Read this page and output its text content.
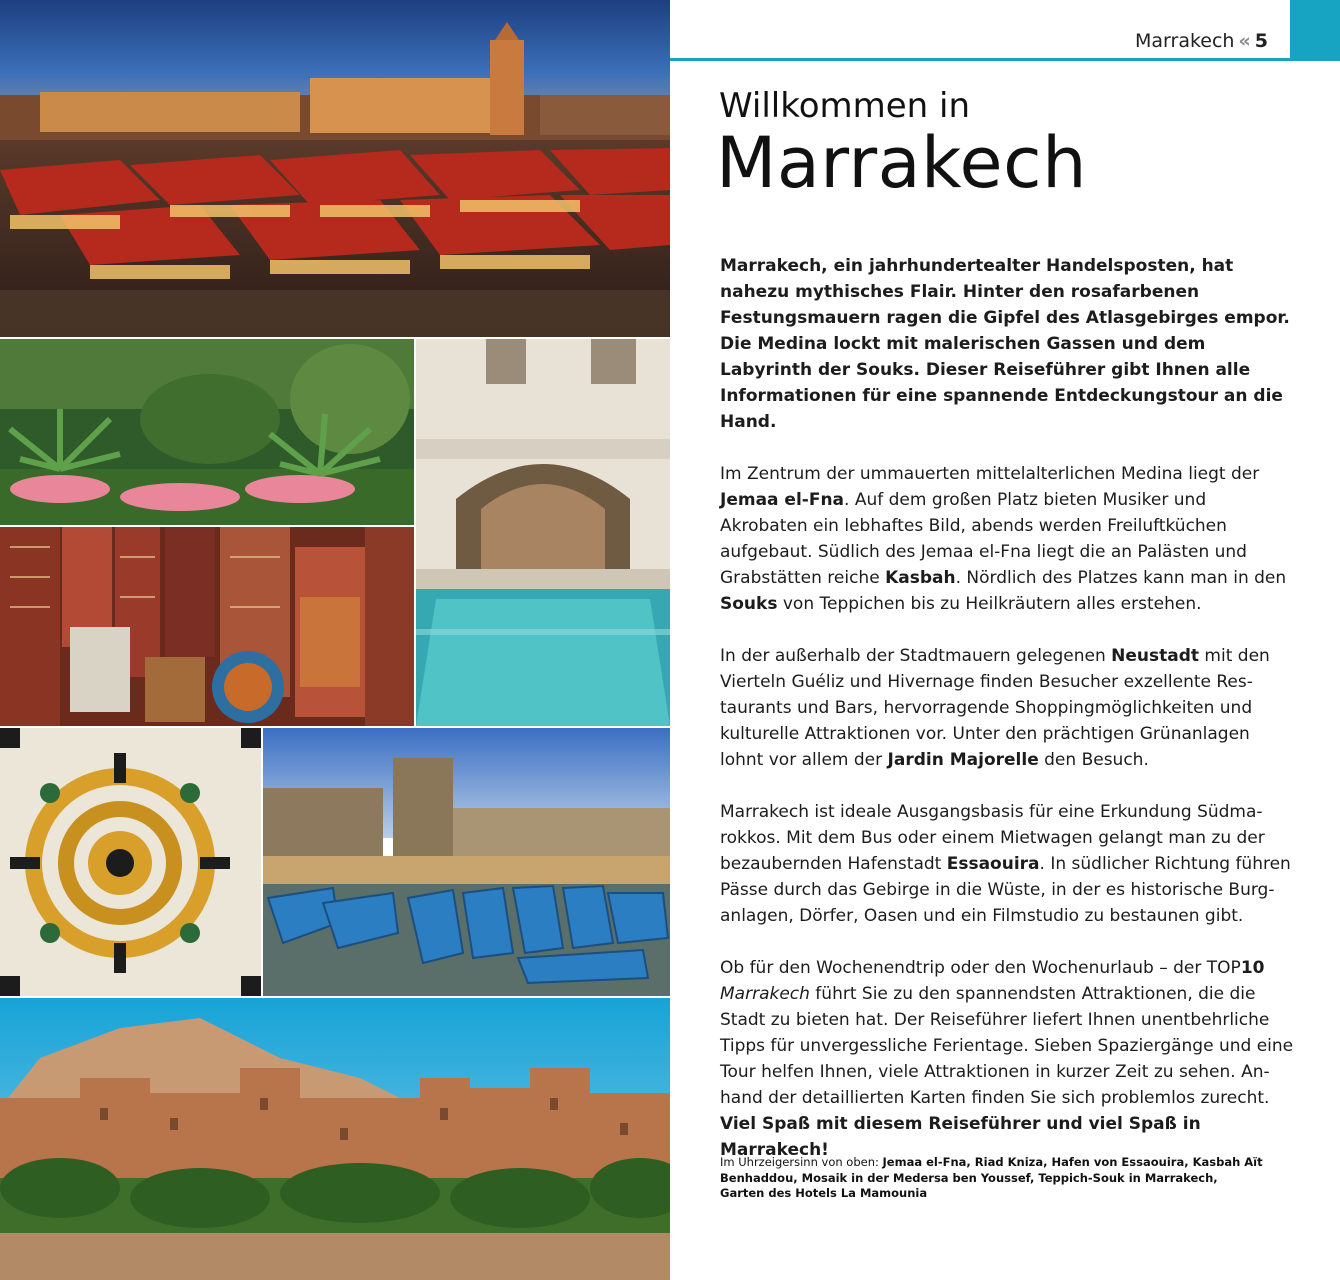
Marrakech « 5
Willkommen in
Marrakech

Marrakech, ein jahrhundertealter Handelsposten, hat nahezu mythisches Flair. Hinter den rosafarbenen Festungsmauern ragen die Gipfel des Atlasgebirges empor. Die Medina lockt mit malerischen Gassen und dem Labyrinth der Souks. Dieser Reiseführer gibt Ihnen alle Informationen für eine spannende Entdeckungstour an die Hand.

Im Zentrum der ummauerten mittelalterlichen Medina liegt der Jemaa el-Fna. Auf dem großen Platz bieten Musiker und Akrobaten ein lebhaftes Bild, abends werden Freiluftküchen aufgebaut. Südlich des Jemaa el-Fna liegt die an Palästen und Grabstätten reiche Kasbah. Nördlich des Platzes kann man in den Souks von Teppichen bis zu Heilkräutern alles erstehen.

In der außerhalb der Stadtmauern gelegenen Neustadt mit den Vierteln Guéliz und Hivernage finden Besucher exzellente Restaurants und Bars, hervorragende Shoppingmöglichkeiten und kulturelle Attraktionen vor. Unter den prächtigen Grünanlagen lohnt vor allem der Jardin Majorelle den Besuch.

Marrakech ist ideale Ausgangsbasis für eine Erkundung Südmarokkos. Mit dem Bus oder einem Mietwagen gelangt man zu der bezaubernden Hafenstadt Essaouira. In südlicher Richtung führen Pässe durch das Gebirge in die Wüste, in der es historische Burganlagen, Dörfer, Oasen und ein Filmstudio zu bestaunen gibt.

Ob für den Wochenendtrip oder den Wochenurlaub – der TOP10 Marrakech führt Sie zu den spannendsten Attraktionen, die die Stadt zu bieten hat. Der Reiseführer liefert Ihnen unentbehrliche Tipps für unvergessliche Ferientage. Sieben Spaziergänge und eine Tour helfen Ihnen, viele Attraktionen in kurzer Zeit zu sehen. Anhand der detaillierten Karten finden Sie sich problemlos zurecht. Viel Spaß mit diesem Reiseführer und viel Spaß in Marrakech!

Im Uhrzeigersinn von oben: Jemaa el-Fna, Riad Kniza, Hafen von Essaouira, Kasbah Aït Benhaddou, Mosaik in der Medersa ben Youssef, Teppich-Souk in Marrakech, Garten des Hotels La Mamounia
